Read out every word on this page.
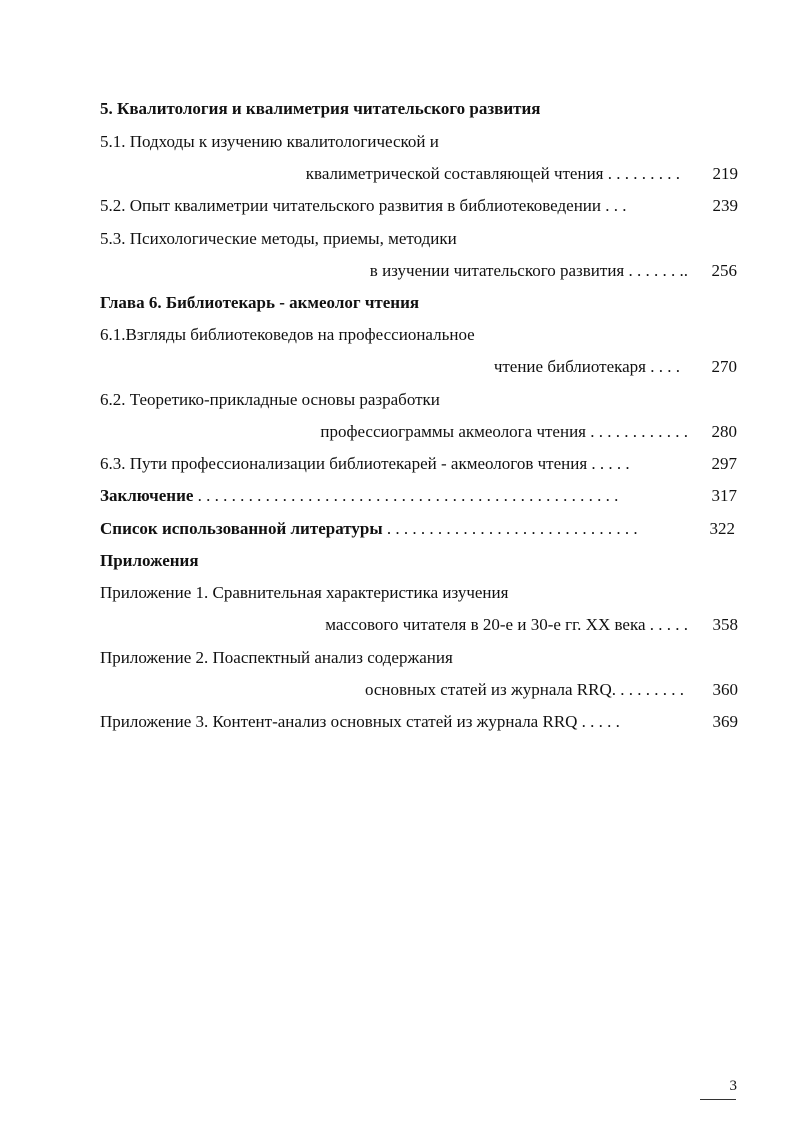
5. Квалитология и квалиметрия читательского развития
5.1. Подходы к изучению квалитологической и
квалиметрической составляющей чтения . . . . . . . . .	219
5.2. Опыт квалиметрии читательского развития в библиотековедении . . .	239
5.3. Психологические методы, приемы, методики
в изучении читательского развития . . . . . . ..	256
Глава 6. Библиотекарь - акмеолог чтения
6.1.Взгляды библиотековедов на профессиональное
чтение библиотекаря . . . .	270
6.2. Теоретико-прикладные основы разработки
профессиограммы акмеолога чтения . . . . . . . . . . . .	280
6.3. Пути профессионализации библиотекарей - акмеологов чтения . . . . .	297
Заключение . . . . . . . . . . . . . . . . . . . . . . . . . . . . . . . . . . . . . . . . . . . . . . . . . .	317
Список использованной литературы . . . . . . . . . . . . . . . . . . . . . . . . . . . . . .	322
Приложения
Приложение 1. Сравнительная характеристика изучения
массового читателя в 20-е и 30-е гг. XX века . . . . .	358
Приложение 2. Поаспектный анализ содержания
основных статей из журнала RRQ. . . . . . . . .	360
Приложение 3. Контент-анализ основных статей из журнала RRQ . . . . .	369
3
